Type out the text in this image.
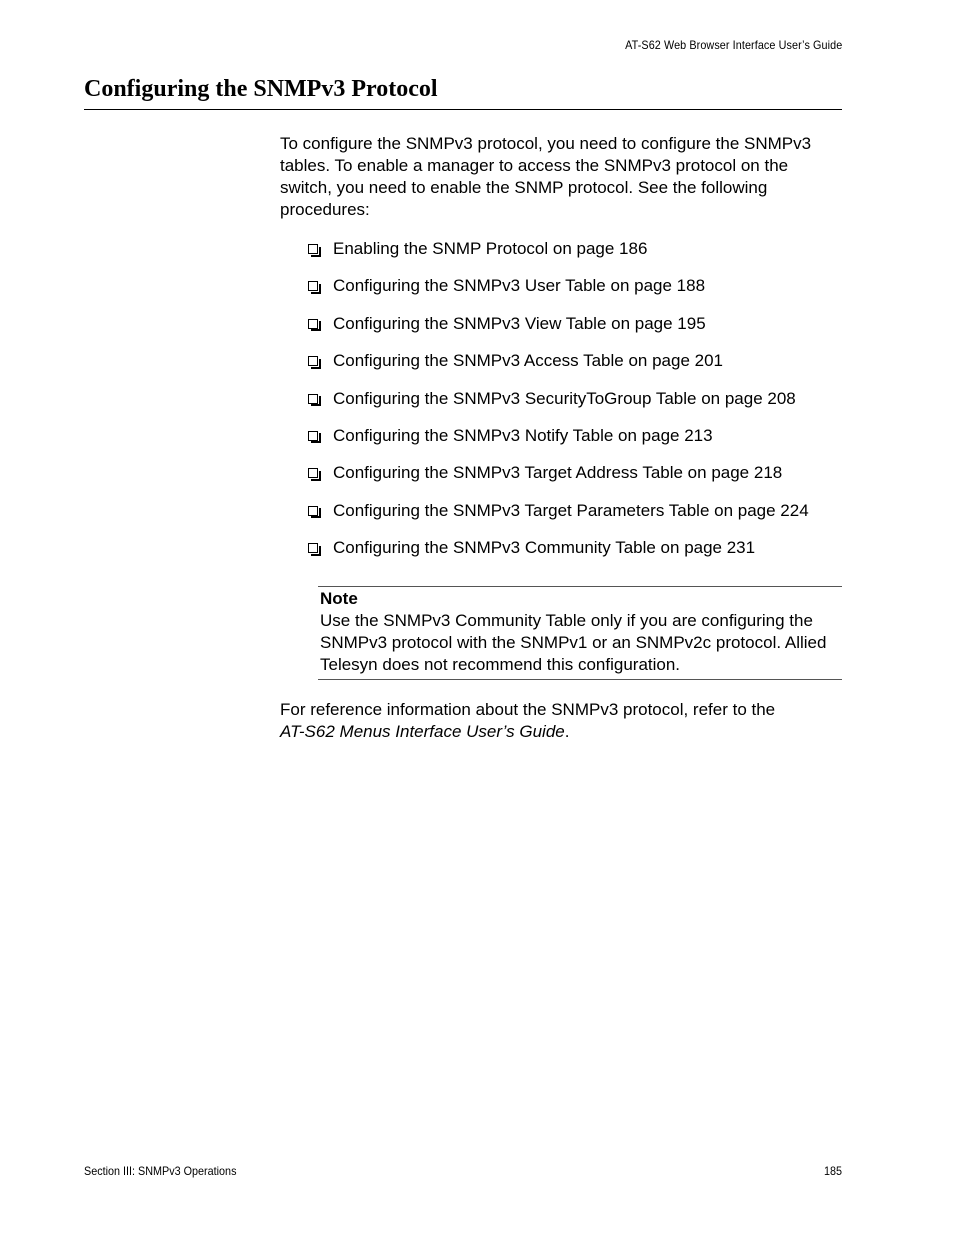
AT-S62 Web Browser Interface User’s Guide
Configuring the SNMPv3 Protocol

To configure the SNMPv3 protocol, you need to configure the SNMPv3
tables. To enable a manager to access the SNMPv3 protocol on the
switch, you need to enable the SNMP protocol. See the following
procedures:

Enabling the SNMP Protocol on page 186
Configuring the SNMPv3 User Table on page 188
Configuring the SNMPv3 View Table on page 195
Configuring the SNMPv3 Access Table on page 201
Configuring the SNMPv3 SecurityToGroup Table on page 208
Configuring the SNMPv3 Notify Table on page 213
Configuring the SNMPv3 Target Address Table on page 218
Configuring the SNMPv3 Target Parameters Table on page 224
Configuring the SNMPv3 Community Table on page 231
Note
Use the SNMPv3 Community Table only if you are configuring the
SNMPv3 protocol with the SNMPv1 or an SNMPv2c protocol. Allied
Telesyn does not recommend this configuration.

For reference information about the SNMPv3 protocol, refer to the
AT-S62 Menus Interface User’s Guide.

Section III: SNMPv3 Operations	185
